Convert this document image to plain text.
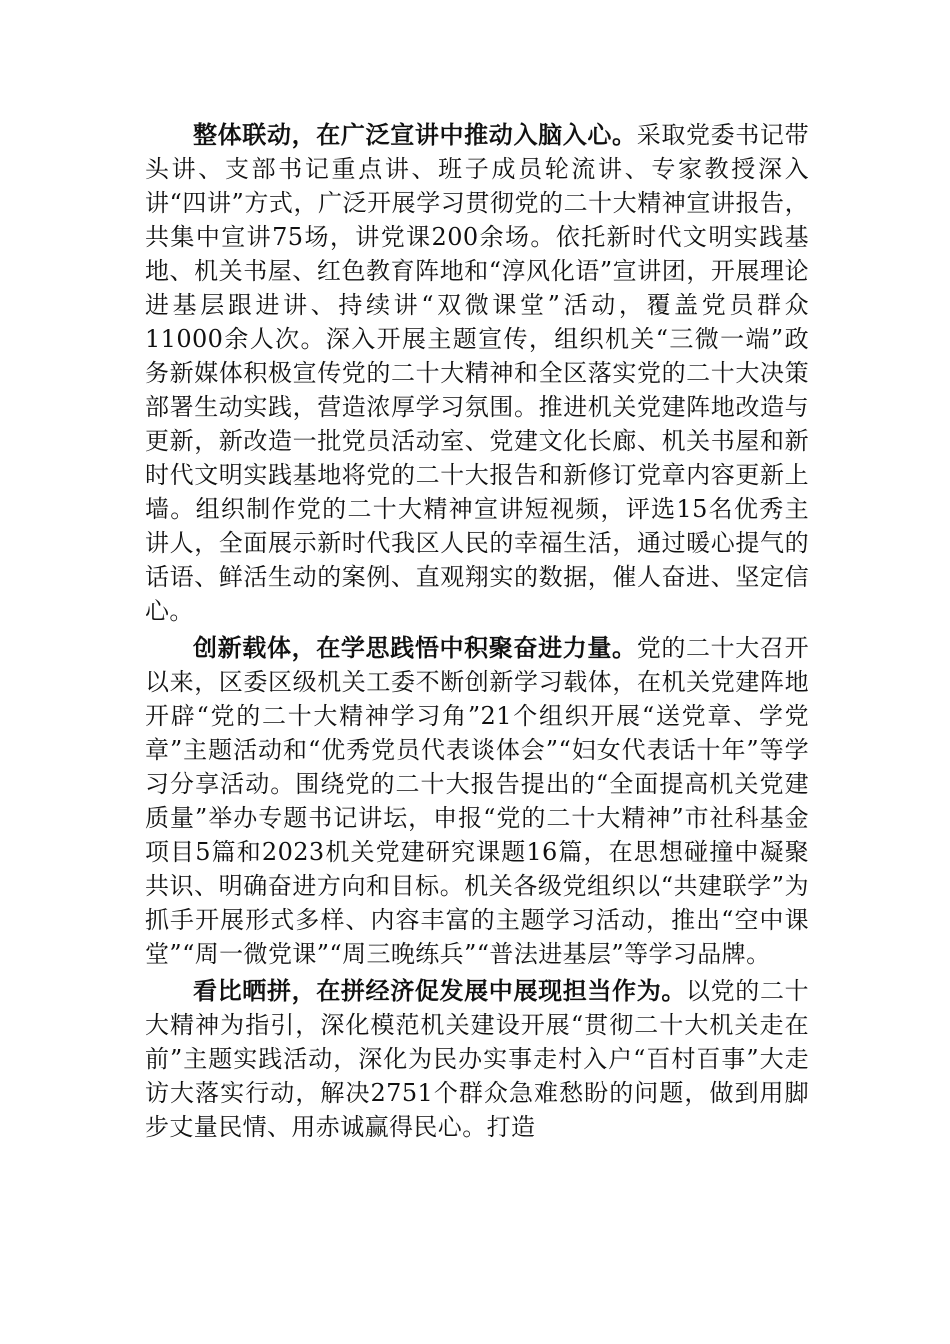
整体联动，在广泛宣讲中推动入脑入心。采取党委书记带头讲、支部书记重点讲、班子成员轮流讲、专家教授深入讲“四讲”方式，广泛开展学习贯彻党的二十大精神宣讲报告，共集中宣讲75场，讲党课200余场。依托新时代文明实践基地、机关书屋、红色教育阵地和“淳风化语”宣讲团，开展理论进基层跟进讲、持续讲“双微课堂”活动，覆盖党员群众11000余人次。深入开展主题宣传，组织机关“三微一端”政务新媒体积极宣传党的二十大精神和全区落实党的二十大决策部署生动实践，营造浓厚学习氛围。推进机关党建阵地改造与更新，新改造一批党员活动室、党建文化长廊、机关书屋和新时代文明实践基地将党的二十大报告和新修订党章内容更新上墙。组织制作党的二十大精神宣讲短视频，评选15名优秀主讲人，全面展示新时代我区人民的幸福生活，通过暖心提气的话语、鲜活生动的案例、直观翔实的数据，催人奋进、坚定信心。

创新载体，在学思践悟中积聚奋进力量。党的二十大召开以来，区委区级机关工委不断创新学习载体，在机关党建阵地开辟“党的二十大精神学习角”21个组织开展“送党章、学党章”主题活动和“优秀党员代表谈体会”“妇女代表话十年”等学习分享活动。围绕党的二十大报告提出的“全面提高机关党建质量”举办专题书记讲坛，申报“党的二十大精神”市社科基金项目5篇和2023机关党建研究课题16篇，在思想碰撞中凝聚共识、明确奋进方向和目标。机关各级党组织以“共建联学”为抓手开展形式多样、内容丰富的主题学习活动，推出“空中课堂”“周一微党课”“周三晚练兵”“普法进基层”等学习品牌。

看比晒拼，在拼经济促发展中展现担当作为。以党的二十大精神为指引，深化模范机关建设开展“贯彻二十大机关走在前”主题实践活动，深化为民办实事走村入户“百村百事”大走访大落实行动，解决2751个群众急难愁盼的问题，做到用脚步丈量民情、用赤诚赢得民心。打造
